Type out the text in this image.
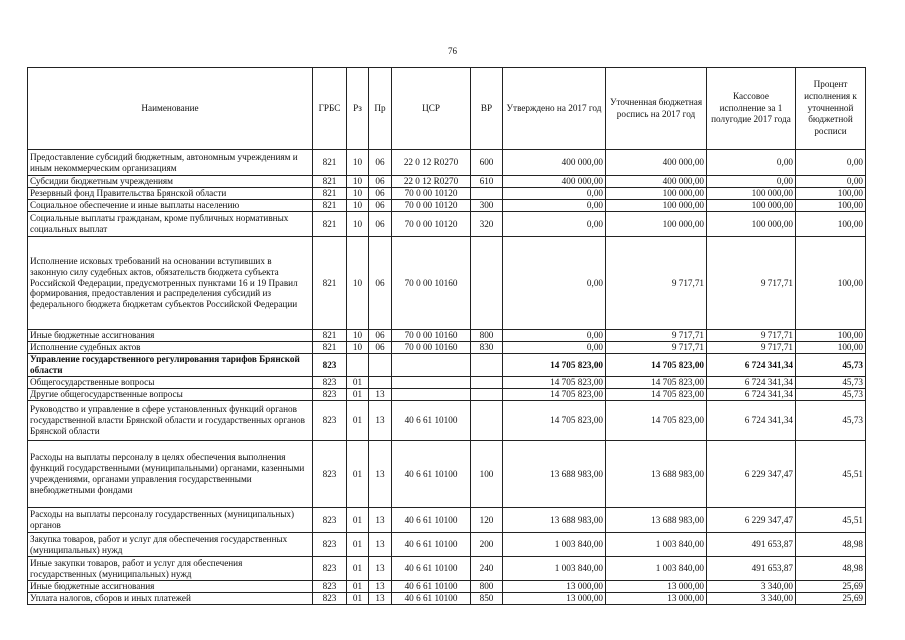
76
Наименование	ГРБС	Рз	Пр	ЦСР	ВР	Утверждено на 2017 год	Уточненная бюджетная роспись на 2017 год	Кассовое исполнение за 1 полугодие 2017 года	Процент исполнения к уточненной бюджетной росписи
Предоставление субсидий бюджетным, автономным учреждениям и иным некоммерческим организациям	821	10	06	22 0 12 R0270	600	400 000,00	400 000,00	0,00	0,00
Субсидии бюджетным учреждениям	821	10	06	22 0 12 R0270	610	400 000,00	400 000,00	0,00	0,00
Резервный фонд Правительства Брянской области	821	10	06	70 0 00 10120		0,00	100 000,00	100 000,00	100,00
Социальное обеспечение и иные выплаты населению	821	10	06	70 0 00 10120	300	0,00	100 000,00	100 000,00	100,00
Социальные выплаты гражданам, кроме публичных нормативных социальных выплат	821	10	06	70 0 00 10120	320	0,00	100 000,00	100 000,00	100,00
Исполнение исковых требований на основании вступивших в законную силу судебных актов, обязательств бюджета субъекта Российской Федерации, предусмотренных пунктами 16 и 19 Правил формирования, предоставления и распределения субсидий из федерального бюджета бюджетам субъектов Российской Федерации	821	10	06	70 0 00 10160		0,00	9 717,71	9 717,71	100,00
Иные бюджетные ассигнования	821	10	06	70 0 00 10160	800	0,00	9 717,71	9 717,71	100,00
Исполнение судебных актов	821	10	06	70 0 00 10160	830	0,00	9 717,71	9 717,71	100,00
Управление государственного регулирования тарифов Брянской области	823					14 705 823,00	14 705 823,00	6 724 341,34	45,73
Общегосударственные вопросы	823	01				14 705 823,00	14 705 823,00	6 724 341,34	45,73
Другие общегосударственные вопросы	823	01	13			14 705 823,00	14 705 823,00	6 724 341,34	45,73
Руководство и управление в сфере установленных функций органов государственной власти Брянской области и государственных органов Брянской области	823	01	13	40 6 61 10100		14 705 823,00	14 705 823,00	6 724 341,34	45,73
Расходы на выплаты персоналу в целях обеспечения выполнения функций государственными (муниципальными) органами, казенными учреждениями, органами управления государственными внебюджетными фондами	823	01	13	40 6 61 10100	100	13 688 983,00	13 688 983,00	6 229 347,47	45,51
Расходы на выплаты персоналу государственных (муниципальных) органов	823	01	13	40 6 61 10100	120	13 688 983,00	13 688 983,00	6 229 347,47	45,51
Закупка товаров, работ и услуг для обеспечения государственных (муниципальных) нужд	823	01	13	40 6 61 10100	200	1 003 840,00	1 003 840,00	491 653,87	48,98
Иные закупки товаров, работ и услуг для обеспечения государственных (муниципальных) нужд	823	01	13	40 6 61 10100	240	1 003 840,00	1 003 840,00	491 653,87	48,98
Иные бюджетные ассигнования	823	01	13	40 6 61 10100	800	13 000,00	13 000,00	3 340,00	25,69
Уплата налогов, сборов и иных платежей	823	01	13	40 6 61 10100	850	13 000,00	13 000,00	3 340,00	25,69
